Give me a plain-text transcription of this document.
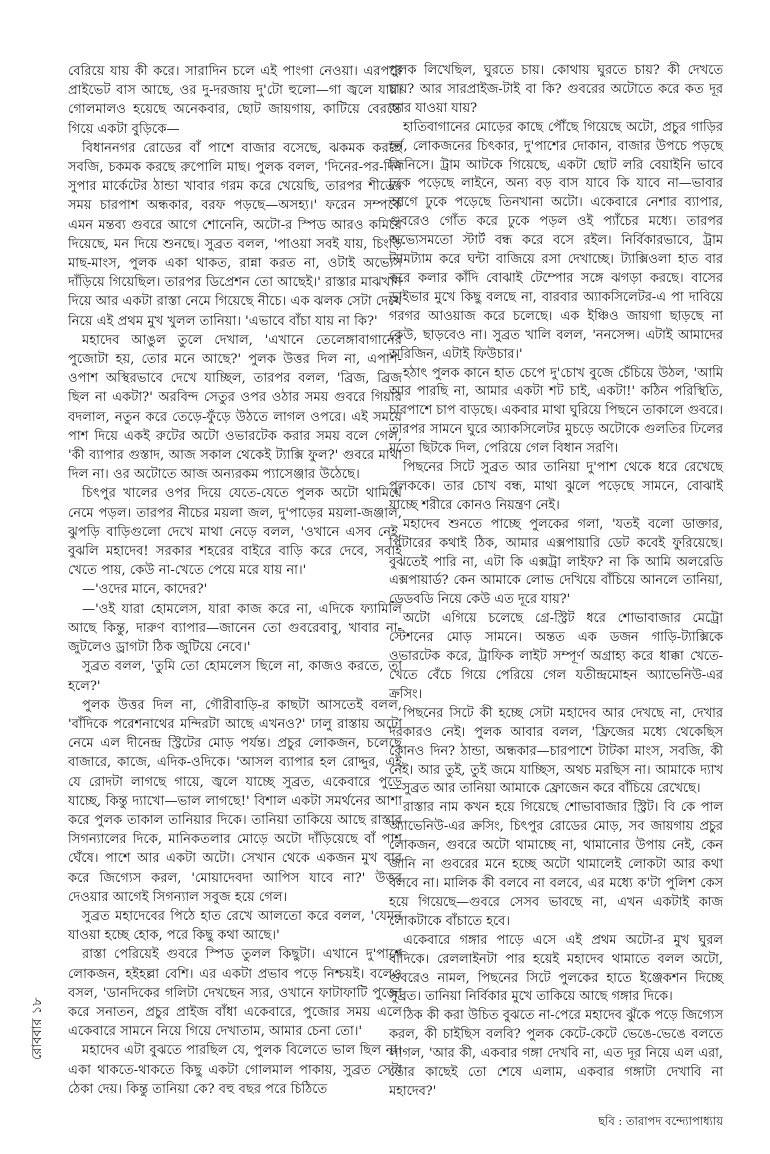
বেরিয়ে যায় কী করে। সারাদিন চলে এই পাংগা নেওয়া। এরপরে প্রাইভেট বাস আছে, ওর দু-দরজায় দু'টো হুলো—গা জ্বলে যায়। গোলমালও হয়েছে অনেকবার, ছোট জায়গায়, কাটিয়ে বেরতে গিয়ে একটা বুড়িকে—

বিধাননগর রোডের বাঁ পাশে বাজার বসেছে, ঝকমক করছে সবজি, চকমক করছে রুপোলি মাছ। পুলক বলল, 'দিনের-পর-দিন সুপার মার্কেটের ঠান্ডা খাবার গরম করে খেয়েছি, তারপর শীতের সময় চারপাশ অন্ধকার, বরফ পড়ছে—অসহ্য।' ফরেন সম্পর্কে এমন মন্তব্য গুবরে আগে শোনেনি, অটো-র স্পিড আরও কমিয়ে দিয়েছে, মন দিয়ে শুনছে। সুব্রত বলল, 'পাওয়া সবই যায়, চিংড়ি মাছ-মাংস, পুলক একা থাকত, রান্না করত না, ওটাই অভ্যেস দাঁড়িয়ে গিয়েছিল। তারপর ডিপ্রেশন তো আছেই।' রাস্তার মাঝখান দিয়ে আর একটা রাস্তা নেমে গিয়েছে নীচে। এক ঝলক সেটা দেখে নিয়ে এই প্রথম মুখ খুলল তানিয়া। 'এভাবে বাঁচা যায় না কি?'

মহাদেব আঙুল তুলে দেখাল, 'এখানে তেলেঙ্গাবাগানের পুজোটা হয়, তোর মনে আছে?' পুলক উত্তর দিল না, এপাশ-ওপাশ অস্থিরভাবে দেখে যাচ্ছিল, তারপর বলল, 'ব্রিজ, ব্রিজ ছিল না একটা?' অরবিন্দ সেতুর ওপর ওঠার সময় গুবরে গিয়ার বদলাল, নতুন করে তেড়ে-ফুঁড়ে উঠতে লাগল ওপরে। এই সময়ে পাশ দিয়ে একই রুটের অটো ওভারটেক করার সময় বলে গেল, 'কী ব্যাপার গুস্তাদ, আজ সকাল থেকেই ট্যাক্সি ফুল?' গুবরে মাথা দিল না। ওর অটোতে আজ অন্যরকম প্যাসেঞ্জার উঠেছে।

চিৎপুর খালের ওপর দিয়ে যেতে-যেতে পুলক অটো থামিয়ে নেমে পড়ল। তারপর নীচের ময়লা জল, দু'পাড়ের ময়লা-জঞ্জাল, ঝুপড়ি বাড়িগুলো দেখে মাথা নেড়ে বলল, 'ওখানে এসব নেই, বুঝলি মহাদেব! সরকার শহরের বাইরে বাড়ি করে দেবে, সবাই খেতে পায়, কেউ না-খেতে পেয়ে মরে যায় না।'

—'ওদের মানে, কাদের?'

—'ওই যারা হোমলেস, যারা কাজ করে না, এদিকে ফ্যামিলি আছে কিন্তু, দারুণ ব্যাপার—জানেন তো গুবরেবাবু, খাবার না-জুটলেও ড্রাগটা ঠিক জুটিয়ে নেবে।'

সুব্রত বলল, 'তুমি তো হোমলেস ছিলে না, কাজও করতে, তা হলে?'

পুলক উত্তর দিল না, গৌরীবাড়ি-র কাছটা আসতেই বলল, 'বাঁদিকে পরেশনাথের মন্দিরটা আছে এখনও?' ঢালু রাস্তায় অটো নেমে এল দীনেন্দ্র স্ট্রিটের মোড় পর্যন্ত। প্রচুর লোকজন, চলেছে বাজারে, কাজে, এদিক-ওদিকে। 'আসল ব্যাপার হল রোদ্দুর, এই যে রোদটা লাগছে গায়ে, জ্বলে যাচ্ছে সুব্রত, একেবারে পুড়ে যাচ্ছে, কিন্তু দ্যাখো—ভাল লাগছে!' বিশাল একটা সমর্থনের আশা করে পুলক তাকাল তানিয়ার দিকে। তানিয়া তাকিয়ে আছে রাস্তার সিগন্যালের দিকে, মানিকতলার মোড়ে অটো দাঁড়িয়েছে বাঁ পাশ ঘেঁষে। পাশে আর একটা অটো। সেখান থেকে একজন মুখ বার করে জিগ্যেস করল, 'মোয়াদেবদা আপিস যাবে না?' উত্তর দেওয়ার আগেই সিগন্যাল সবুজ হয়ে গেল।

সুব্রত মহাদেবের পিঠে হাত রেখে আলতো করে বলল, 'যেমন যাওয়া হচ্ছে হোক, পরে কিছু কথা আছে।'

রাস্তা পেরিয়েই গুবরে স্পিড তুলল কিছুটা। এখানে দু'পাশে লোকজন, হইহল্লা বেশি। এর একটা প্রভাব পড়ে নিশ্চয়ই। বলেও বসল, 'ডানদিকের গলিটা দেখছেন স্যর, ওখানে ফাটাফাটি পুজো করে সনাতন, প্রচুর প্রাইজ বাঁধা একেবারে, পুজোর সময় এলে একেবারে সামনে নিয়ে গিয়ে দেখাতাম, আমার চেনা তো।'

মহাদেব এটা বুঝতে পারছিল যে, পুলক বিলেতে ভাল ছিল না। একা থাকতে-থাকতে কিছু একটা গোলমাল পাকায়, সুব্রত সেটা ঠেকা দেয়। কিন্তু তানিয়া কে? বহু বছর পরে চিঠিতে

পুলক লিখেছিল, ঘুরতে চায়। কোথায় ঘুরতে চায়? কী দেখতে চায়? আর সারপ্রাইজ-টাই বা কি? গুবরের অটোতে করে কত দূর আর যাওয়া যায়?

হাতিবাগানের মোড়ের কাছে পৌঁছে গিয়েছে অটো, প্রচুর গাড়ির হর্ন, লোকজনের চিৎকার, দু'পাশের দোকান, বাজার উপচে পড়ছে জিনিসে। ট্রাম আটকে গিয়েছে, একটা ছোট লরি বেয়াইনি ভাবে ঢুকে পড়েছে লাইনে, অন্য বড় বাস যাবে কি যাবে না—ভাবার আগে ঢুকে পড়েছে তিনখানা অটো। একেবারে নেশার ব্যাপার, গুবরেও গোঁত করে ঢুকে পড়ল ওই প্যাঁচের মধ্যে। তারপর অভ্যেসমতো স্টার্ট বন্ধ করে বসে রইল। নির্বিকারভাবে, ট্রাম ট্যামট্যাম করে ঘন্টা বাজিয়ে রসা দেখাচ্ছে। ট্যাক্সিওলা হাত বার করে কলার কাঁদি বোঝাই টেম্পোর সঙ্গে ঝগড়া করছে। বাসের ড্রাইভার মুখে কিছু বলছে না, বারবার অ্যাকসিলেটর-এ পা দাবিয়ে গরগর আওয়াজ করে চলেছে। এক ইঞ্চিও জায়গা ছাড়ছে না কেউ, ছাড়বেও না। সুব্রত খালি বলল, 'ননসেন্স। এটাই আমাদের অরিজিন, এটাই ফিউচার।'

হঠাৎ পুলক কানে হাত চেপে দু'চোখ বুজে চেঁচিয়ে উঠল, 'আমি আর পারছি না, আমার একটা শট চাই, একটা!' কঠিন পরিস্থিতি, চারপাশে চাপ বাড়ছে। একবার মাথা ঘুরিয়ে পিছনে তাকালে গুবরে। তারপর সামনে ঘুরে অ্যাকসিলেটর মুচড়ে অটোকে গুলতির ঢিলের মতো ছিটকে দিল, পেরিয়ে গেল বিধান সরণি।

পিছনের সিটে সুব্রত আর তানিয়া দু'পাশ থেকে ধরে রেখেছে পুলককে। তার চোখ বন্ধ, মাথা ঝুলে পড়েছে সামনে, বোঝাই যাচ্ছে শরীরে কোনও নিয়ন্ত্রণ নেই।

মহাদেব শুনতে পাচ্ছে পুলকের গলা, 'যতই বলো ডাক্তার, পিটারের কথাই ঠিক, আমার এক্সপায়ারি ডেট কবেই ফুরিয়েছে। বুঝতেই পারি না, এটা কি এক্সট্রা লাইফ? না কি আমি অলরেডি এক্সপায়ার্ড? কেন আমাকে লোভ দেখিয়ে বাঁচিয়ে আনলে তানিয়া, ডেডবডি নিয়ে কেউ এত দূরে যায়?'

অটো এগিয়ে চলেছে গ্রে-স্ট্রিট ধরে শোভাবাজার মেট্রো স্টেশনের মোড় সামনে। অন্তত এক ডজন গাড়ি-ট্যাক্সিকে ওভারটেক করে, ট্রাফিক লাইট সম্পূর্ণ অগ্রাহ্য করে ধাক্কা খেতে-খেতে বেঁচে গিয়ে পেরিয়ে গেল যতীন্দ্রমোহন অ্যাভেনিউ-এর ক্রসিং।

পিছনের সিটে কী হচ্ছে সেটা মহাদেব আর দেখছে না, দেখার দরকারও নেই। পুলক আবার বলল, 'ফ্রিজের মধ্যে থেকেছিস কোনও দিন? ঠান্ডা, অন্ধকার—চারপাশে টাটকা মাংস, সবজি, কী নেই। আর তুই, তুই জমে যাচ্ছিস, অথচ মরছিস না। আমাকে দ্যাখ—সুব্রত আর তানিয়া আমাকে ফ্রোজেন করে বাঁচিয়ে রেখেছে।

রাস্তার নাম কখন হয়ে গিয়েছে শোভাবাজার স্ট্রিট। বি কে পাল অ্যাভেনিউ-এর ক্রসিং, চিৎপুর রোডের মোড়, সব জায়গায় প্রচুর লোকজন, গুবরে অটো থামাচ্ছে না, থামানোর উপায় নেই, কেন জানি না গুবরের মনে হচ্ছে অটো থামালেই লোকটা আর কথা বলবে না। মালিক কী বলবে না বলবে, এর মধ্যে ক'টা পুলিশ কেস হয়ে গিয়েছে—গুবরে সেসব ভাবছে না, এখন একটাই কাজ লোকটাকে বাঁচাতে হবে।

একেবারে গঙ্গার পাড়ে এসে এই প্রথম অটো-র মুখ ঘুরল বাঁদিকে। রেললাইনটা পার হয়েই মহাদেব থামাতে বলল অটো, গুবরেও নামল, পিছনের সিটে পুলকের হাতে ইঞ্জেকশন দিচ্ছে সুব্রত। তানিয়া নির্বিকার মুখে তাকিয়ে আছে গঙ্গার দিকে।

ঠিক কী করা উচিত বুঝতে না-পেরে মহাদেব ঝুঁকে পড়ে জিগ্যেস করল, কী চাইছিস বলবি? পুলক কেটে-কেটে ভেঙে-ভেঙে বলতে লাগল, 'আর কী, একবার গঙ্গা দেখবি না, এত দূর নিয়ে এল এরা, তোর কাছেই তো শেষে এলাম, একবার গঙ্গাটা দেখাবি না মহাদেব?'

ছবি : তারাপদ বন্দ্যোপাধ্যায়

রোববার ১৮
